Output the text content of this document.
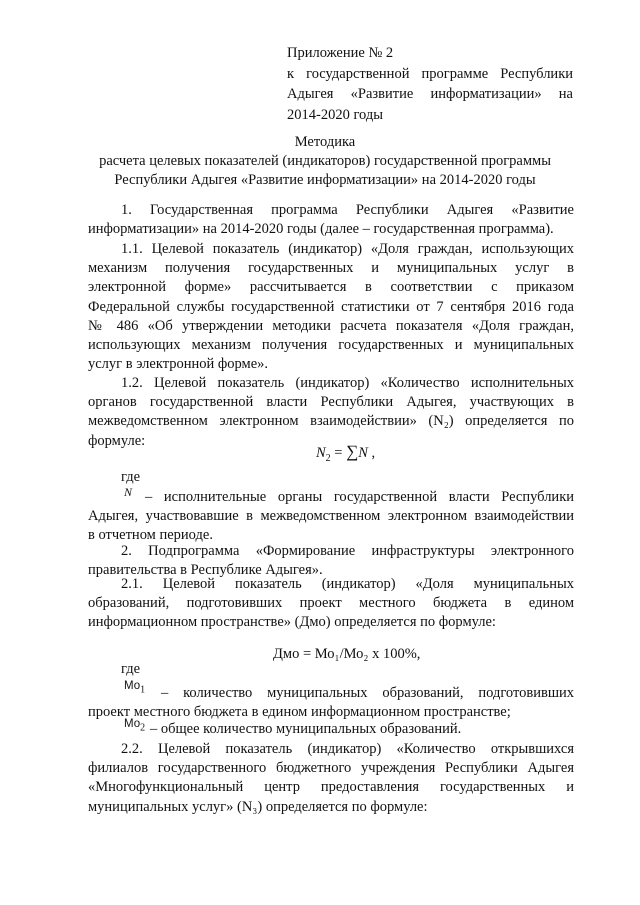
Приложение № 2
к государственной программе Республики
Адыгея «Развитие информатизации» на
2014-2020 годы
Методика
расчета целевых показателей (индикаторов) государственной программы
Республики Адыгея «Развитие информатизации» на 2014-2020 годы
1. Государственная программа Республики Адыгея «Развитие
информатизации» на 2014-2020 годы (далее – государственная программа).
1.1. Целевой показатель (индикатор) «Доля граждан, использующих
механизм получения государственных и муниципальных услуг в
электронной форме» рассчитывается в соответствии с приказом
Федеральной службы государственной статистики от 7 сентября 2016 года
№ 486 «Об утверждении методики расчета показателя «Доля граждан,
использующих механизм получения государственных и муниципальных
услуг в электронной форме».
1.2. Целевой показатель (индикатор) «Количество исполнительных
органов государственной власти Республики Адыгея, участвующих в
межведомственном электронном взаимодействии» (N₂) определяется по
формуле:
$N_2 = \sum N$ ,
где
N – исполнительные органы государственной власти Республики
Адыгея, участвовавшие в межведомственном электронном взаимодействии
в отчетном периоде.
2. Подпрограмма «Формирование инфраструктуры электронного
правительства в Республике Адыгея».
2.1. Целевой показатель (индикатор) «Доля муниципальных
образований, подготовивших проект местного бюджета в едином
информационном пространстве» (Дмо) определяется по формуле:
Дмо = Мо₁/Мо₂ х 100%,
где
$Мо_1$	– количество муниципальных образований, подготовивших
проект местного бюджета в едином информационном пространстве;
$Мо_2$ – общее количество муниципальных образований.
2.2. Целевой показатель (индикатор) «Количество открывшихся
филиалов государственного бюджетного учреждения Республики Адыгея
«Многофункциональный центр предоставления государственных и
муниципальных услуг» (N₃) определяется по формуле:
